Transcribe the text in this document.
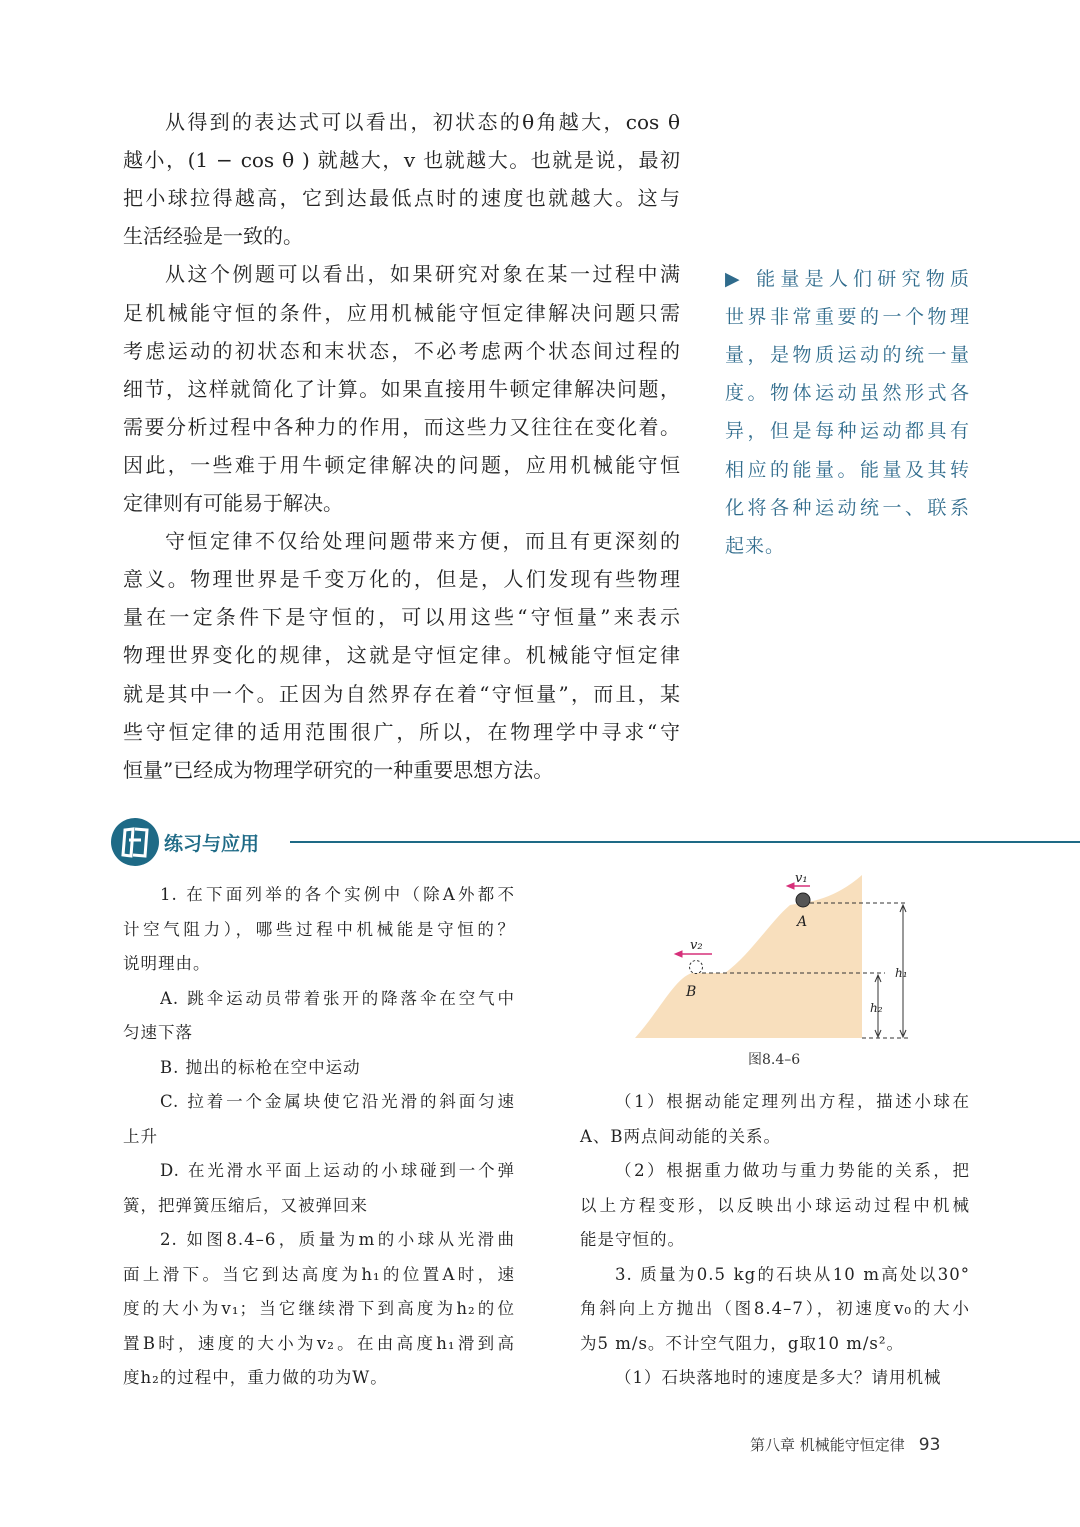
从得到的表达式可以看出，初状态的θ角越大，cos θ
越小，(1 − cos θ ) 就越大，v 也就越大。也就是说，最初
把小球拉得越高，它到达最低点时的速度也就越大。这与
生活经验是一致的。
从这个例题可以看出，如果研究对象在某一过程中满
足机械能守恒的条件，应用机械能守恒定律解决问题只需
考虑运动的初状态和末状态，不必考虑两个状态间过程的
细节，这样就简化了计算。如果直接用牛顿定律解决问题，
需要分析过程中各种力的作用，而这些力又往往在变化着。
因此，一些难于用牛顿定律解决的问题，应用机械能守恒
定律则有可能易于解决。
守恒定律不仅给处理问题带来方便，而且有更深刻的
意义。物理世界是千变万化的，但是，人们发现有些物理
量在一定条件下是守恒的，可以用这些“守恒量”来表示
物理世界变化的规律，这就是守恒定律。机械能守恒定律
就是其中一个。正因为自然界存在着“守恒量”，而且，某
些守恒定律的适用范围很广，所以，在物理学中寻求“守
恒量”已经成为物理学研究的一种重要思想方法。
▶ 能量是人们研究物质
世界非常重要的一个物理
量，是物质运动的统一量
度。物体运动虽然形式各
异，但是每种运动都具有
相应的能量。能量及其转
化将各种运动统一、联系
起来。
练习与应用
1. 在下面列举的各个实例中（除A外都不
计空气阻力），哪些过程中机械能是守恒的？
说明理由。
A. 跳伞运动员带着张开的降落伞在空气中
匀速下落
B. 抛出的标枪在空中运动
C. 拉着一个金属块使它沿光滑的斜面匀速
上升
D. 在光滑水平面上运动的小球碰到一个弹
簧，把弹簧压缩后，又被弹回来
2. 如图8.4–6，质量为m的小球从光滑曲
面上滑下。当它到达高度为h₁的位置A时，速
度的大小为v₁；当它继续滑下到高度为h₂的位
置B时，速度的大小为v₂。在由高度h₁滑到高
度h₂的过程中，重力做的功为W。
（1）根据动能定理列出方程，描述小球在
A、B两点间动能的关系。
（2）根据重力做功与重力势能的关系，把
以上方程变形，以反映出小球运动过程中机械
能是守恒的。
3. 质量为0.5 kg的石块从10 m高处以30°
角斜向上方抛出（图8.4–7），初速度v₀的大小
为5 m/s。不计空气阻力，g取10 m/s²。
（1）石块落地时的速度是多大？请用机械
v₁
v₂
A
B
h₁
h₂
图8.4–6
第八章 机械能守恒定律 93
